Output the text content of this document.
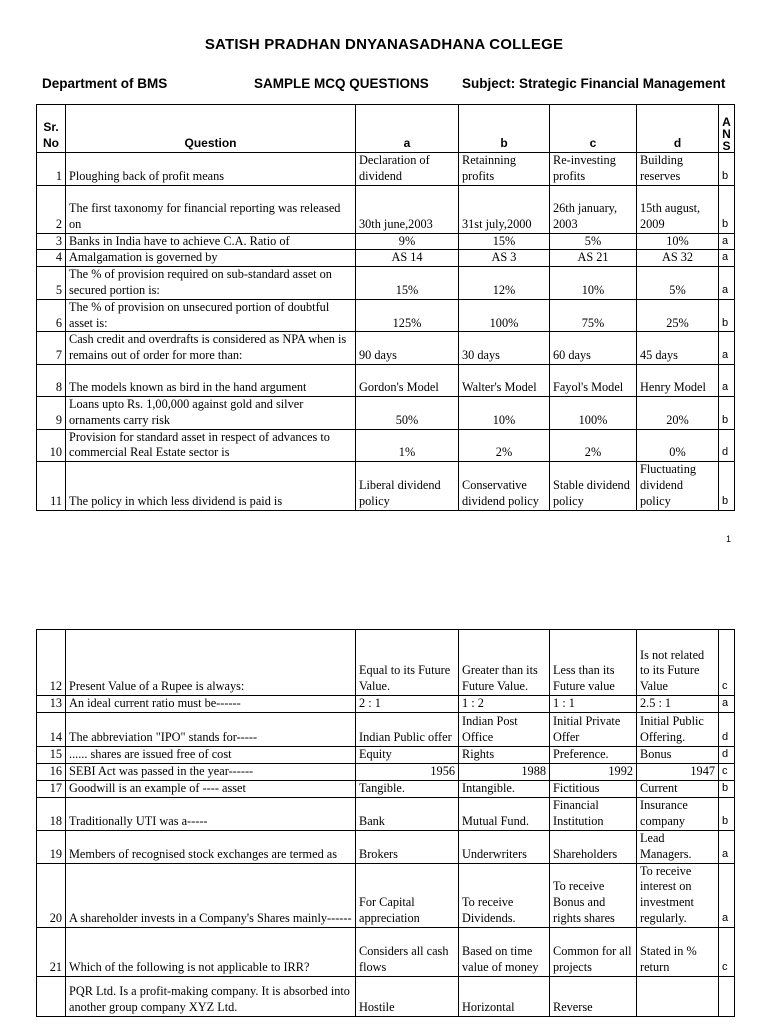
SATISH PRADHAN DNYANASADHANA COLLEGE
Department of BMS	SAMPLE MCQ QUESTIONS Subject: Strategic Financial Management
Sr.
No	Question	a	b	c	d	A
N
S
1	Ploughing back of profit means	Declaration of dividend	Retainning profits	Re-investing profits	Building reserves	b
2	The first taxonomy for financial reporting was released on	30th june,2003	31st july,2000	26th january, 2003	15th august, 2009	b
3	Banks in India have to achieve C.A. Ratio of	9%	15%	5%	10%	a
4	Amalgamation is governed by	AS 14	AS 3	AS 21	AS 32	a
5	The % of provision required on sub-standard asset on secured portion is:	15%	12%	10%	5%	a
6	The % of provision on unsecured portion of doubtful asset is:	125%	100%	75%	25%	b
7	Cash credit and overdrafts is considered as NPA when is remains out of order for more than:	90 days	30 days	60 days	45 days	a
8	The models known as bird in the hand argument	Gordon's Model	Walter's Model	Fayol's Model	Henry Model	a
9	Loans upto Rs. 1,00,000 against gold and silver ornaments carry risk	50%	10%	100%	20%	b
10	Provision for standard asset in respect of advances to commercial Real Estate sector is	1%	2%	2%	0%	d
11	The policy in which less dividend is paid is	Liberal dividend policy	Conservative dividend policy	Stable dividend policy	Fluctuating dividend policy	b
1
12	Present Value of a Rupee is always:	Equal to its Future Value.	Greater than its Future Value.	Less than its Future value	Is not related to its Future Value	c
13	An ideal current ratio must be------	2 : 1	1 : 2	1 : 1	2.5 : 1	a
14	The abbreviation "IPO" stands for-----	Indian Public offer	Indian Post Office	Initial Private Offer	Initial Public Offering.	d
15	...... shares are issued free of cost	Equity	Rights	Preference.	Bonus	d
16	SEBI Act was passed in the year------	1956	1988	1992	1947	c
17	Goodwill is an example of ---- asset	Tangible.	Intangible.	Fictitious	Current	b
18	Traditionally UTI was a-----	Bank	Mutual Fund.	Financial Institution	Insurance company	b
19	Members of recognised stock exchanges are termed as	Brokers	Underwriters	Shareholders	Lead Managers.	a
20	A shareholder invests in a Company's Shares mainly------	For Capital appreciation	To receive Dividends.	To receive Bonus and rights shares	To receive interest on investment regularly.	a
21	Which of the following is not applicable to IRR?	Considers all cash flows	Based on time value of money	Common for all projects	Stated in % return	c
	PQR Ltd. Is a profit-making company. It is absorbed into another group company XYZ Ltd.	Hostile	Horizontal	Reverse		
